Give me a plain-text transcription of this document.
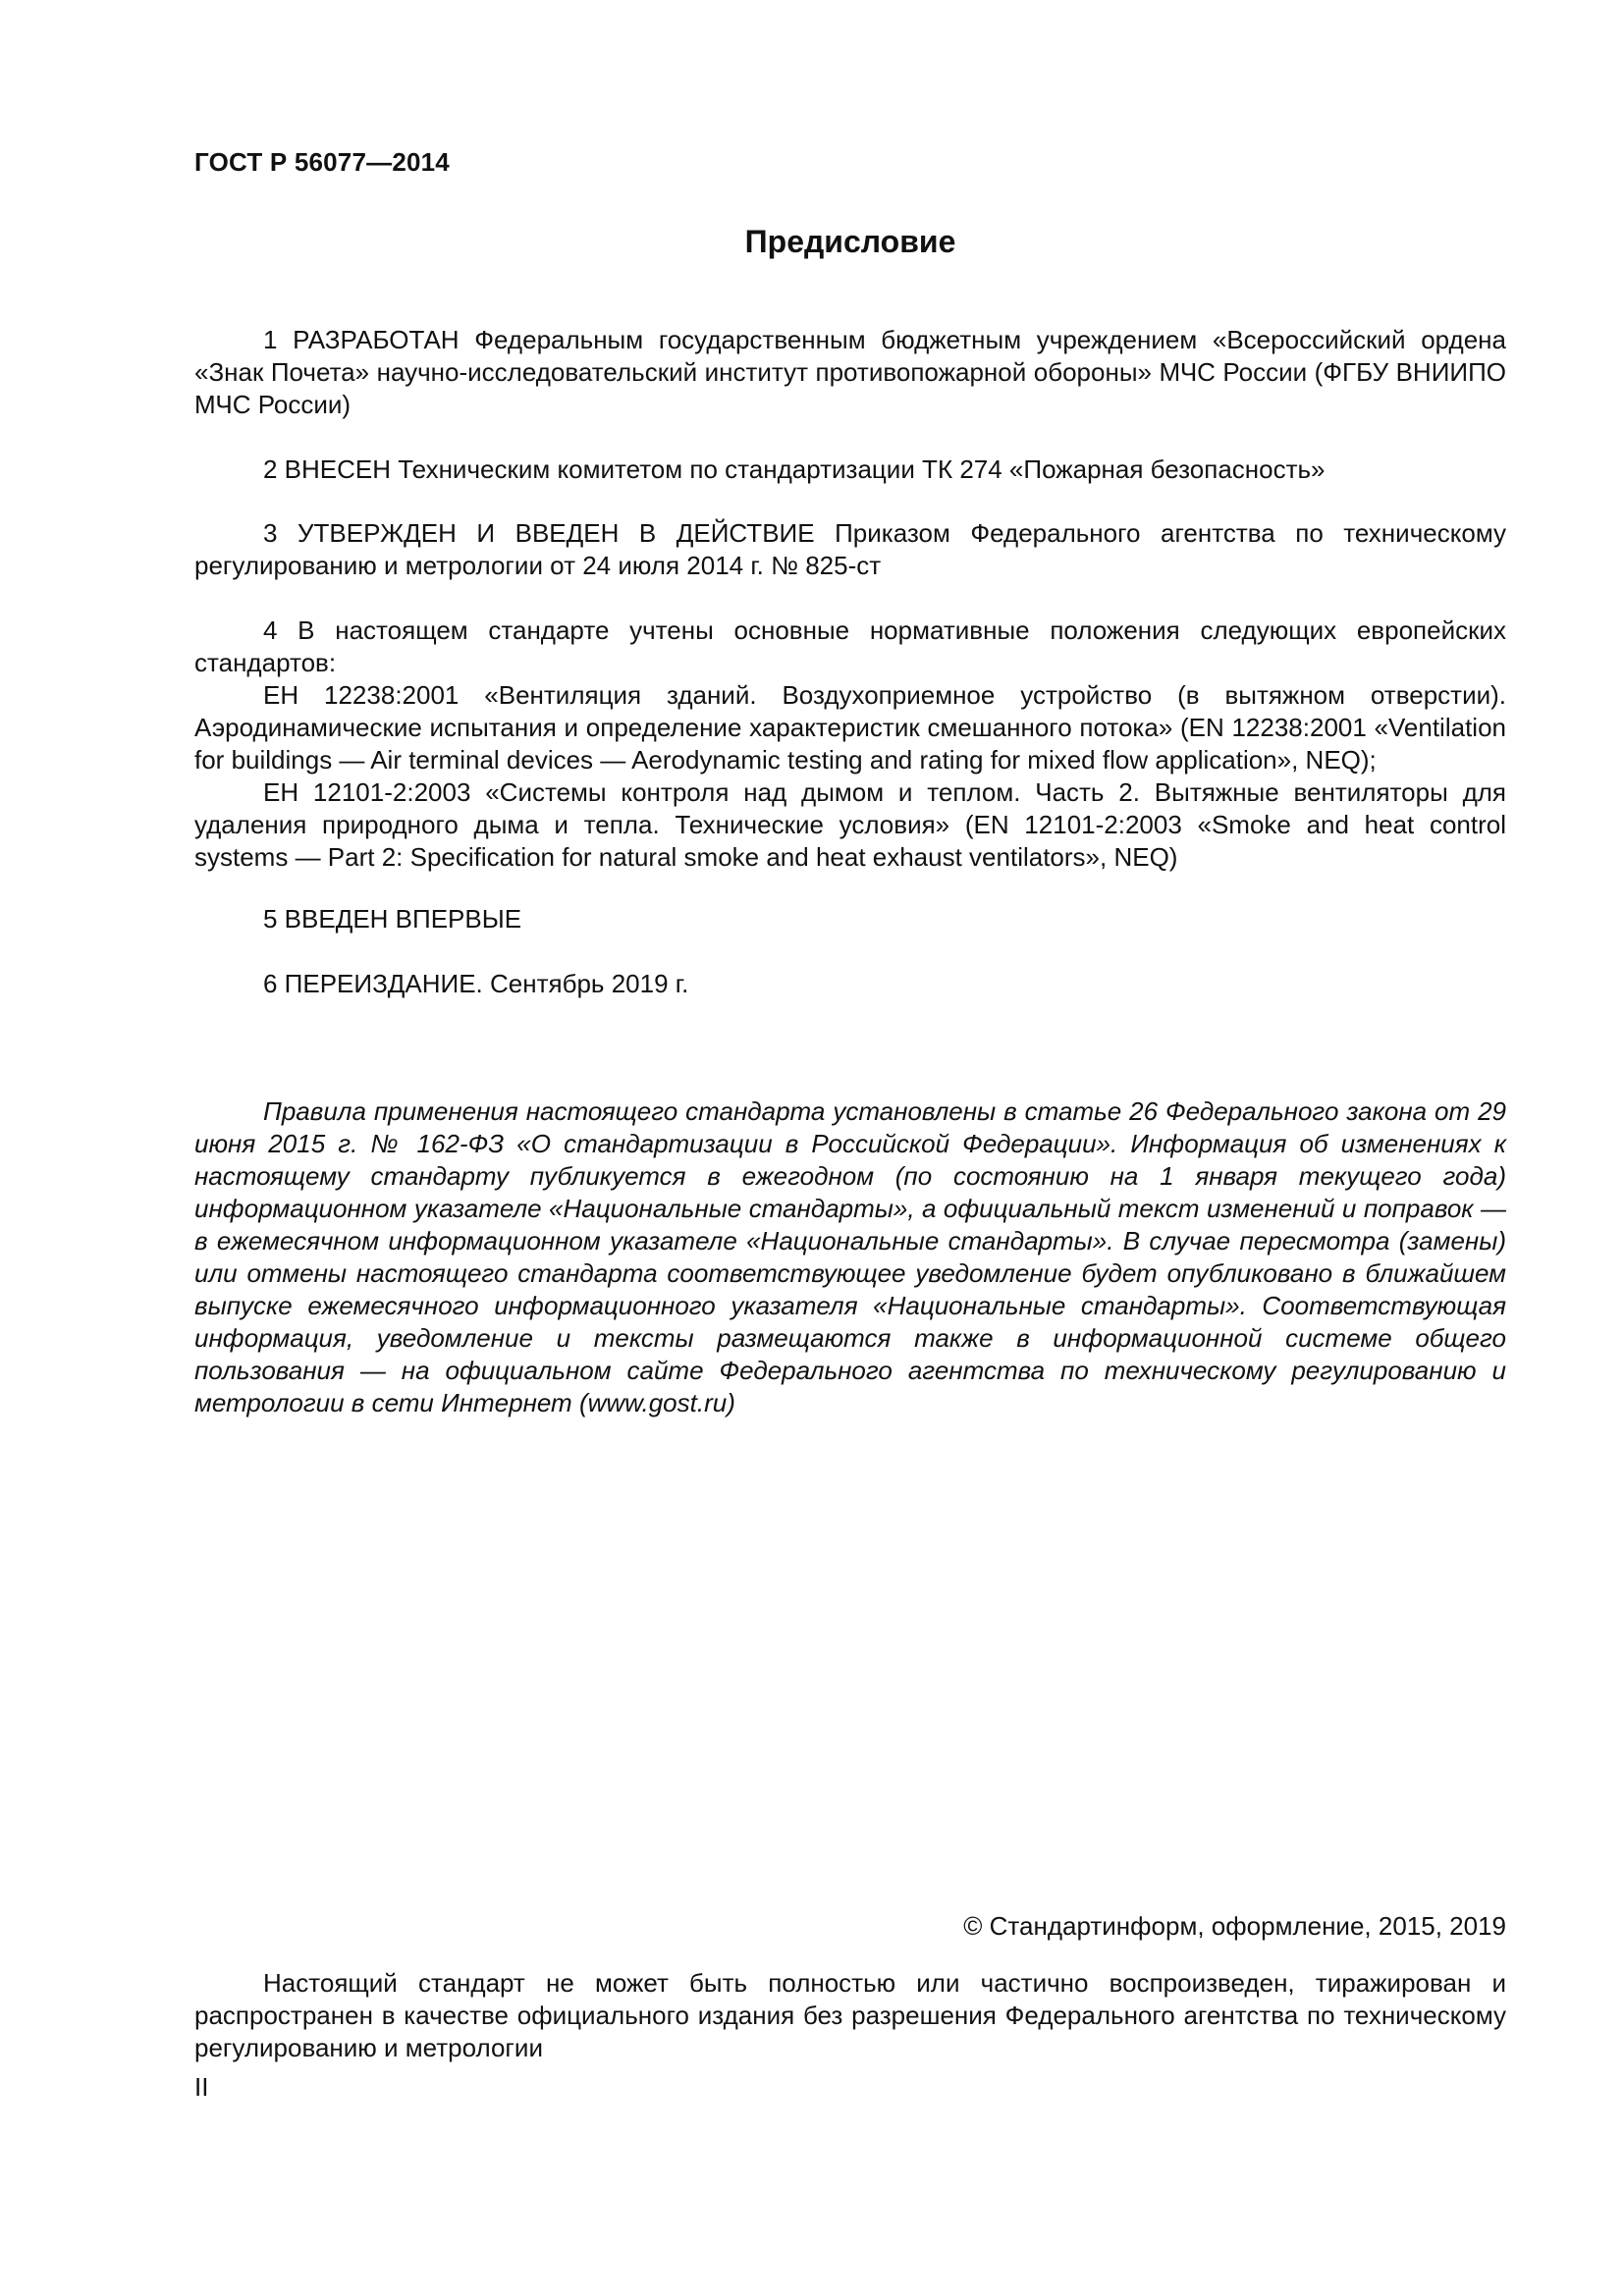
ГОСТ Р 56077—2014
Предисловие

1 РАЗРАБОТАН Федеральным государственным бюджетным учреждением «Всероссийский ордена «Знак Почета» научно-исследовательский институт противопожарной обороны» МЧС России (ФГБУ ВНИИПО МЧС России)

2 ВНЕСЕН Техническим комитетом по стандартизации ТК 274 «Пожарная безопасность»

3 УТВЕРЖДЕН И ВВЕДЕН В ДЕЙСТВИЕ Приказом Федерального агентства по техническому регулированию и метрологии от 24 июля 2014 г. № 825-ст

4 В настоящем стандарте учтены основные нормативные положения следующих европейских стандартов:

ЕН 12238:2001 «Вентиляция зданий. Воздухоприемное устройство (в вытяжном отверстии). Аэродинамические испытания и определение характеристик смешанного потока» (EN 12238:2001 «Ventilation for buildings — Air terminal devices — Aerodynamic testing and rating for mixed flow application», NEQ);

ЕН 12101-2:2003 «Системы контроля над дымом и теплом. Часть 2. Вытяжные вентиляторы для удаления природного дыма и тепла. Технические условия» (EN 12101-2:2003 «Smoke and heat control systems — Part 2: Specification for natural smoke and heat exhaust ventilators», NEQ)

5 ВВЕДЕН ВПЕРВЫЕ

6 ПЕРЕИЗДАНИЕ. Сентябрь 2019 г.

Правила применения настоящего стандарта установлены в статье 26 Федерального закона от 29 июня 2015 г. № 162-ФЗ «О стандартизации в Российской Федерации». Информация об изменениях к настоящему стандарту публикуется в ежегодном (по состоянию на 1 января текущего года) информационном указателе «Национальные стандарты», а официальный текст изменений и поправок — в ежемесячном информационном указателе «Национальные стандарты». В случае пересмотра (замены) или отмены настоящего стандарта соответствующее уведомление будет опубликовано в ближайшем выпуске ежемесячного информационного указателя «Национальные стандарты». Соответствующая информация, уведомление и тексты размещаются также в информационной системе общего пользования — на официальном сайте Федерального агентства по техническому регулированию и метрологии в сети Интернет (www.gost.ru)

© Стандартинформ, оформление, 2015, 2019

Настоящий стандарт не может быть полностью или частично воспроизведен, тиражирован и распространен в качестве официального издания без разрешения Федерального агентства по техническому регулированию и метрологии

II
